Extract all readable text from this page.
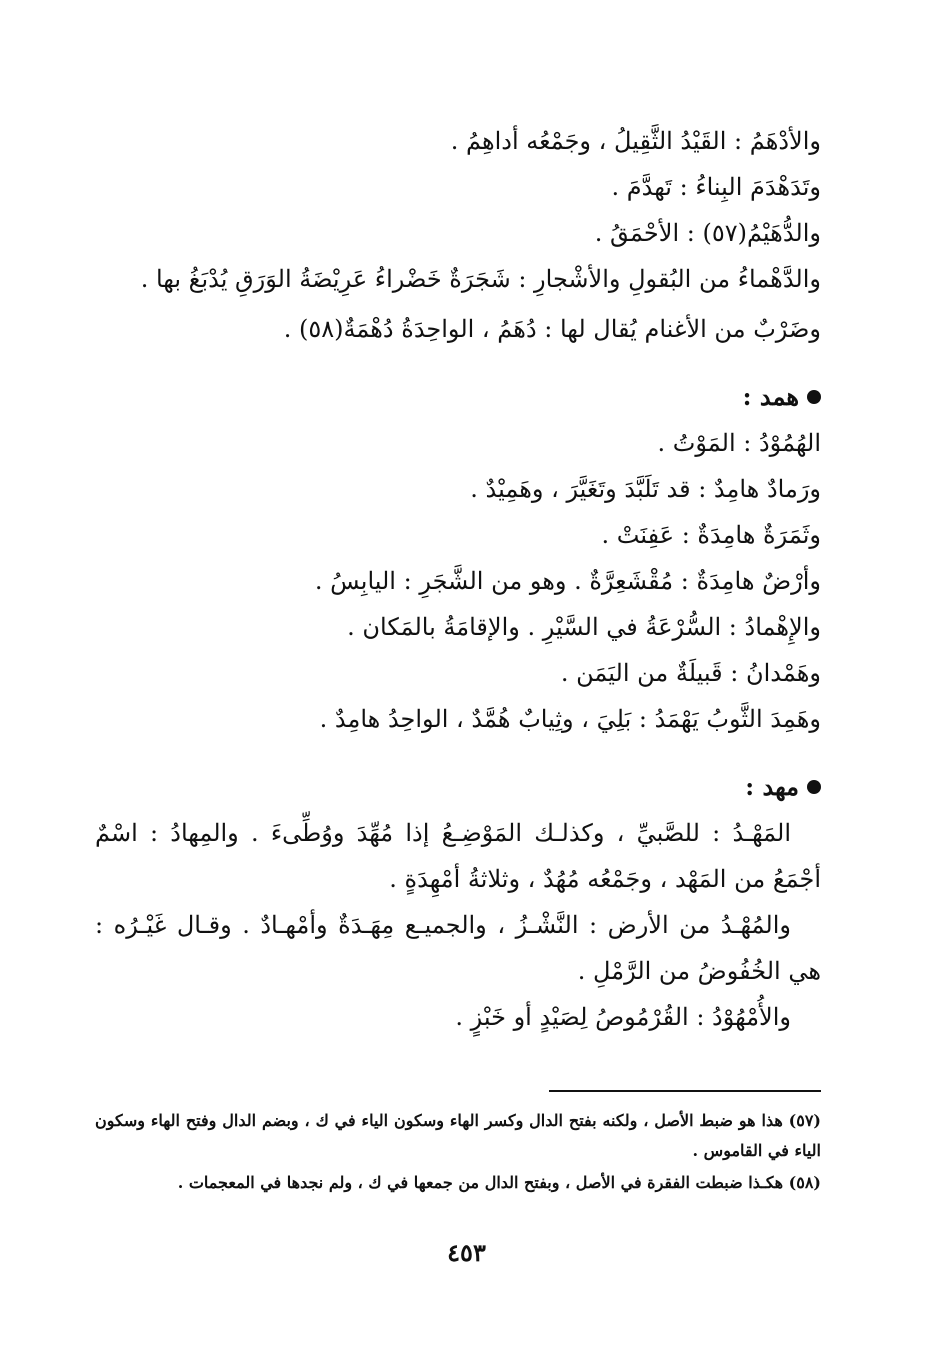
والأدْهَمُ : القَيْدُ الثَّقِيلُ ، وجَمْعُه أداهِمُ .

وتَدَهْدَمَ البِناءُ : تَهدَّمَ .

والدُّهَيْمُ(٥٧) : الأحْمَقُ .

والدَّهْماءُ من البُقولِ والأشْجارِ : شَجَرَةٌ خَضْراءُ عَرِيْضَةُ الوَرَقِ يُدْبَغُ بها .

وضَرْبٌ من الأغنام يُقال لها : دُهَمُ ، الواحِدَةُ دُهْمَةٌ(٥٨) .

همد :

الهُمُوْدُ : المَوْتُ .

ورَمادٌ هامِدٌ : قد تَلَبَّدَ وتَغَيَّرَ ، وهَمِيْدٌ .

وثَمَرَةٌ هامِدَةٌ : عَفِنَتْ .

وأرْضٌ هامِدَةٌ : مُقْشَعِرَّةٌ . وهو من الشَّجَرِ : اليابِسُ .

والإِهْمادُ : السُّرْعَةُ في السَّيْرِ . والإقامَةُ بالمَكان .

وهَمْدانُ : قَبيلَةٌ من اليَمَن .

وهَمِدَ الثَّوبُ يَهْمَدُ : بَلِيَ ، وثِيابٌ هُمَّدٌ ، الواحِدُ هامِدٌ .

مهد :

المَهْـدُ : للصَّبيِّ ، وكذلـك المَوْضِـعُ إذا مُهِّدَ ووُطِّىءَ . والمِهادُ : اسْمٌ أجْمَعُ من المَهْد ، وجَمْعُه مُهُدٌ ، وثلاثةُ أمْهِدَةٍ .

والمُهْـدُ من الأرض : النَّشْـزُ ، والجميـع مِهَـدَةٌ وأمْهـادٌ . وقـال غَيْـرُه : هي الخُفُوضُ من الرَّمْلِ .

والأُمْهُوْدُ : القُرْمُوصُ لِصَيْدٍ أو خَبْزٍ .

(٥٧) هذا هو ضبط الأصل ، ولكنه بفتح الدال وكسر الهاء وسكون الياء في ك ، وبضم الدال وفتح الهاء وسكون الياء في القاموس .

(٥٨) هكـذا ضبطت الفقرة في الأصل ، وبفتح الدال من جمعها في ك ، ولم نجدها في المعجمات .

٤٥٣
